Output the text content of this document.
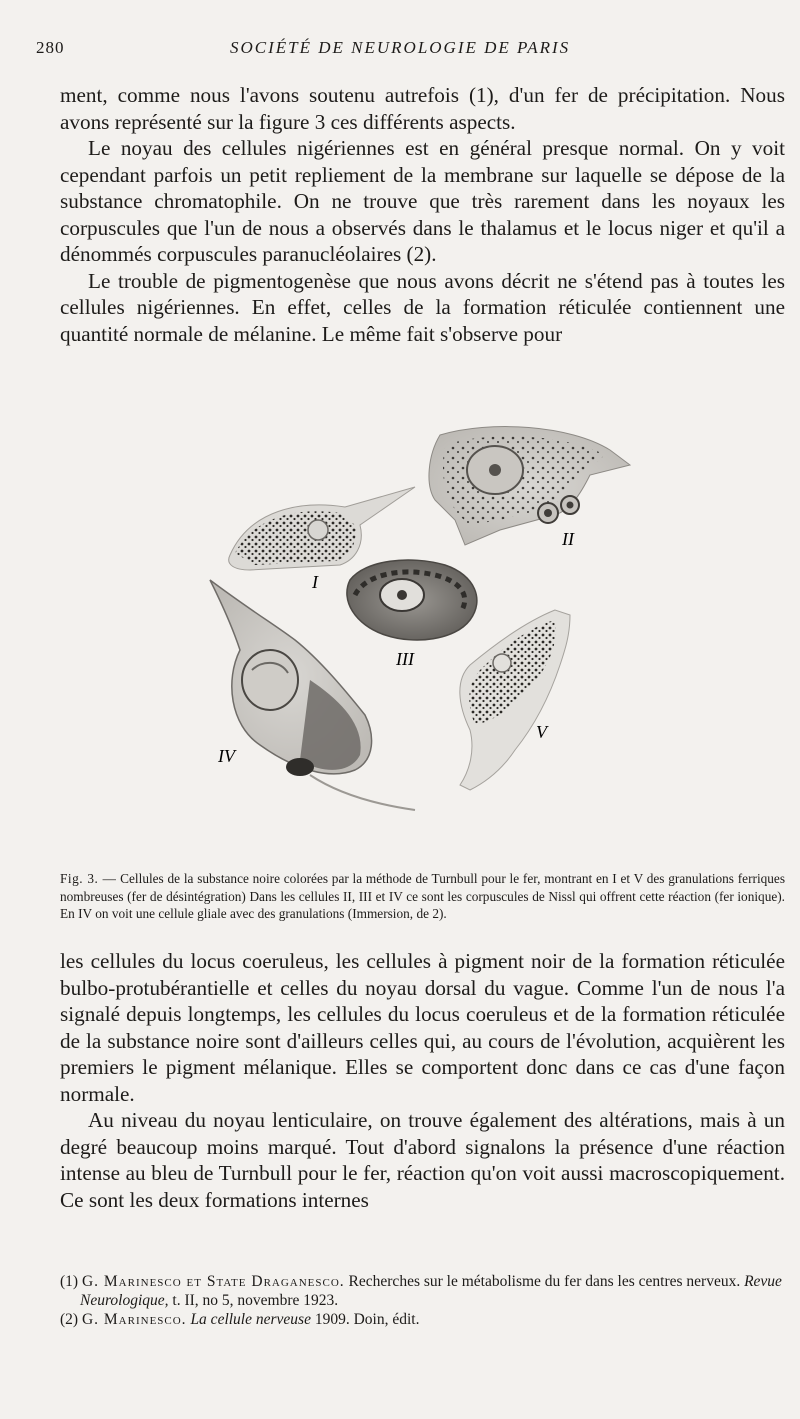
280	SOCIÉTÉ DE NEUROLOGIE DE PARIS

ment, comme nous l'avons soutenu autrefois (1), d'un fer de précipitation. Nous avons représenté sur la figure 3 ces différents aspects.

Le noyau des cellules nigériennes est en général presque normal. On y voit cependant parfois un petit repliement de la membrane sur laquelle se dépose de la substance chromatophile. On ne trouve que très rarement dans les noyaux les corpuscules que l'un de nous a observés dans le thalamus et le locus niger et qu'il a dénommés corpuscules paranucléolaires (2).

Le trouble de pigmentogenèse que nous avons décrit ne s'étend pas à toutes les cellules nigériennes. En effet, celles de la formation réticulée contiennent une quantité normale de mélanine. Le même fait s'observe pour

I
II
III
IV
V
Fig. 3. — Cellules de la substance noire colorées par la méthode de Turnbull pour le fer, montrant en I et V des granulations ferriques nombreuses (fer de désintégration) Dans les cellules II, III et IV ce sont les corpuscules de Nissl qui offrent cette réaction (fer ionique). En IV on voit une cellule gliale avec des granulations (Immersion, de 2).

les cellules du locus coeruleus, les cellules à pigment noir de la formation réticulée bulbo-protubérantielle et celles du noyau dorsal du vague. Comme l'un de nous l'a signalé depuis longtemps, les cellules du locus coeruleus et de la formation réticulée de la substance noire sont d'ailleurs celles qui, au cours de l'évolution, acquièrent les premiers le pigment mélanique. Elles se comportent donc dans ce cas d'une façon normale.

Au niveau du noyau lenticulaire, on trouve également des altérations, mais à un degré beaucoup moins marqué. Tout d'abord signalons la présence d'une réaction intense au bleu de Turnbull pour le fer, réaction qu'on voit aussi macroscopiquement. Ce sont les deux formations internes

(1) G. Marinesco et State Draganesco. Recherches sur le métabolisme du fer dans les centres nerveux. Revue Neurologique, t. II, no 5, novembre 1923.

(2) G. Marinesco. La cellule nerveuse 1909. Doin, édit.
